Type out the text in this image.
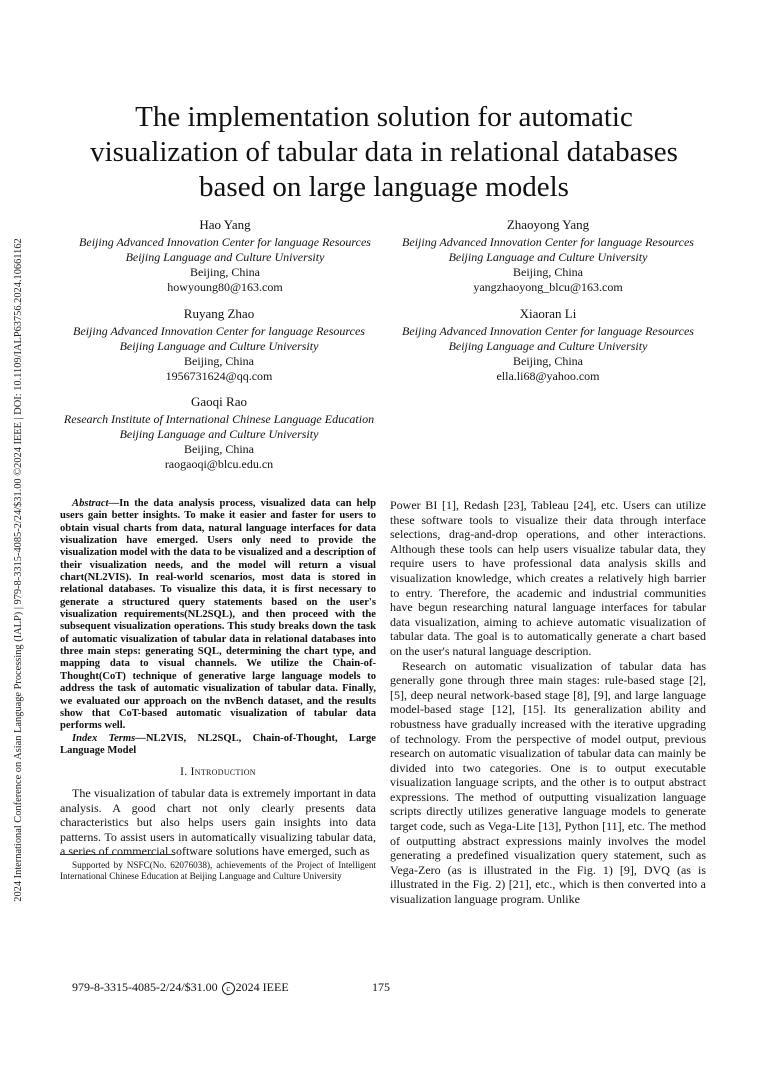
2024 International Conference on Asian Language Processing (IALP) | 979-8-3315-4085-2/24/$31.00 ©2024 IEEE | DOI: 10.1109/IALP63756.2024.10661162
The implementation solution for automatic
visualization of tabular data in relational databases
based on large language models
Hao Yang
Beijing Advanced Innovation Center for language Resources
Beijing Language and Culture University
Beijing, China
howyoung80@163.com
Zhaoyong Yang
Beijing Advanced Innovation Center for language Resources
Beijing Language and Culture University
Beijing, China
yangzhaoyong_blcu@163.com
Ruyang Zhao
Beijing Advanced Innovation Center for language Resources
Beijing Language and Culture University
Beijing, China
1956731624@qq.com
Xiaoran Li
Beijing Advanced Innovation Center for language Resources
Beijing Language and Culture University
Beijing, China
ella.li68@yahoo.com
Gaoqi Rao
Research Institute of International Chinese Language Education
Beijing Language and Culture University
Beijing, China
raogaoqi@blcu.edu.cn

Abstract—In the data analysis process, visualized data can help users gain better insights. To make it easier and faster for users to obtain visual charts from data, natural language interfaces for data visualization have emerged. Users only need to provide the visualization model with the data to be visualized and a description of their visualization needs, and the model will return a visual chart(NL2VIS). In real-world scenarios, most data is stored in relational databases. To visualize this data, it is first necessary to generate a structured query statements based on the user's visualization requirements(NL2SQL), and then proceed with the subsequent visualization operations. This study breaks down the task of automatic visualization of tabular data in relational databases into three main steps: generating SQL, determining the chart type, and mapping data to visual channels. We utilize the Chain-of-Thought(CoT) technique of generative large language models to address the task of automatic visualization of tabular data. Finally, we evaluated our approach on the nvBench dataset, and the results show that CoT-based automatic visualization of tabular data performs well.

Index Terms—NL2VIS, NL2SQL, Chain-of-Thought, Large Language Model

I. Introduction

The visualization of tabular data is extremely important in data analysis. A good chart not only clearly presents data characteristics but also helps users gain insights into data patterns. To assist users in automatically visualizing tabular data, a series of commercial software solutions have emerged, such as

Supported by NSFC(No. 62076038), achievements of the Project of Intelligent International Chinese Education at Beijing Language and Culture University

Power BI [1], Redash [23], Tableau [24], etc. Users can utilize these software tools to visualize their data through interface selections, drag-and-drop operations, and other interactions. Although these tools can help users visualize tabular data, they require users to have professional data analysis skills and visualization knowledge, which creates a relatively high barrier to entry. Therefore, the academic and industrial communities have begun researching natural language interfaces for tabular data visualization, aiming to achieve automatic visualization of tabular data. The goal is to automatically generate a chart based on the user's natural language description.

Research on automatic visualization of tabular data has generally gone through three main stages: rule-based stage [2], [5], deep neural network-based stage [8], [9], and large language model-based stage [12], [15]. Its generalization ability and robustness have gradually increased with the iterative upgrading of technology. From the perspective of model output, previous research on automatic visualization of tabular data can mainly be divided into two categories. One is to output executable visualization language scripts, and the other is to output abstract expressions. The method of outputting visualization language scripts directly utilizes generative language models to generate target code, such as Vega-Lite [13], Python [11], etc. The method of outputting abstract expressions mainly involves the model generating a predefined visualization query statement, such as Vega-Zero (as is illustrated in the Fig. 1) [9], DVQ (as is illustrated in the Fig. 2) [21], etc., which is then converted into a visualization language program. Unlike

979-8-3315-4085-2/24/$31.00 c 2024 IEEE	175
